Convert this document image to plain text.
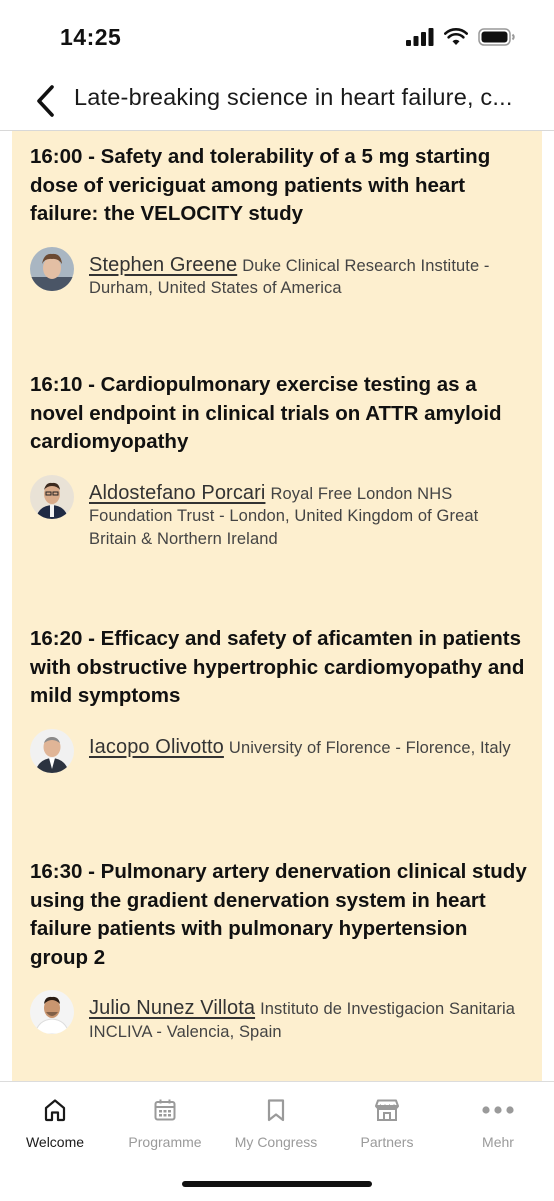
14:25
Late-breaking science in heart failure, c...
16:00 - Safety and tolerability of a 5 mg starting dose of vericiguat among patients with heart failure: the VELOCITY study
Stephen Greene Duke Clinical Research Institute - Durham, United States of America
16:10 - Cardiopulmonary exercise testing as a novel endpoint in clinical trials on ATTR amyloid cardiomyopathy
Aldostefano Porcari Royal Free London NHS Foundation Trust - London, United Kingdom of Great Britain & Northern Ireland
16:20 - Efficacy and safety of aficamten in patients with obstructive hypertrophic cardiomyopathy and mild symptoms
Iacopo Olivotto University of Florence - Florence, Italy
16:30 - Pulmonary artery denervation clinical study using the gradient denervation system in heart failure patients with pulmonary hypertension group 2
Julio Nunez Villota Instituto de Investigacion Sanitaria INCLIVA - Valencia, Spain
Welcome	Programme	My Congress	Partners	Mehr
